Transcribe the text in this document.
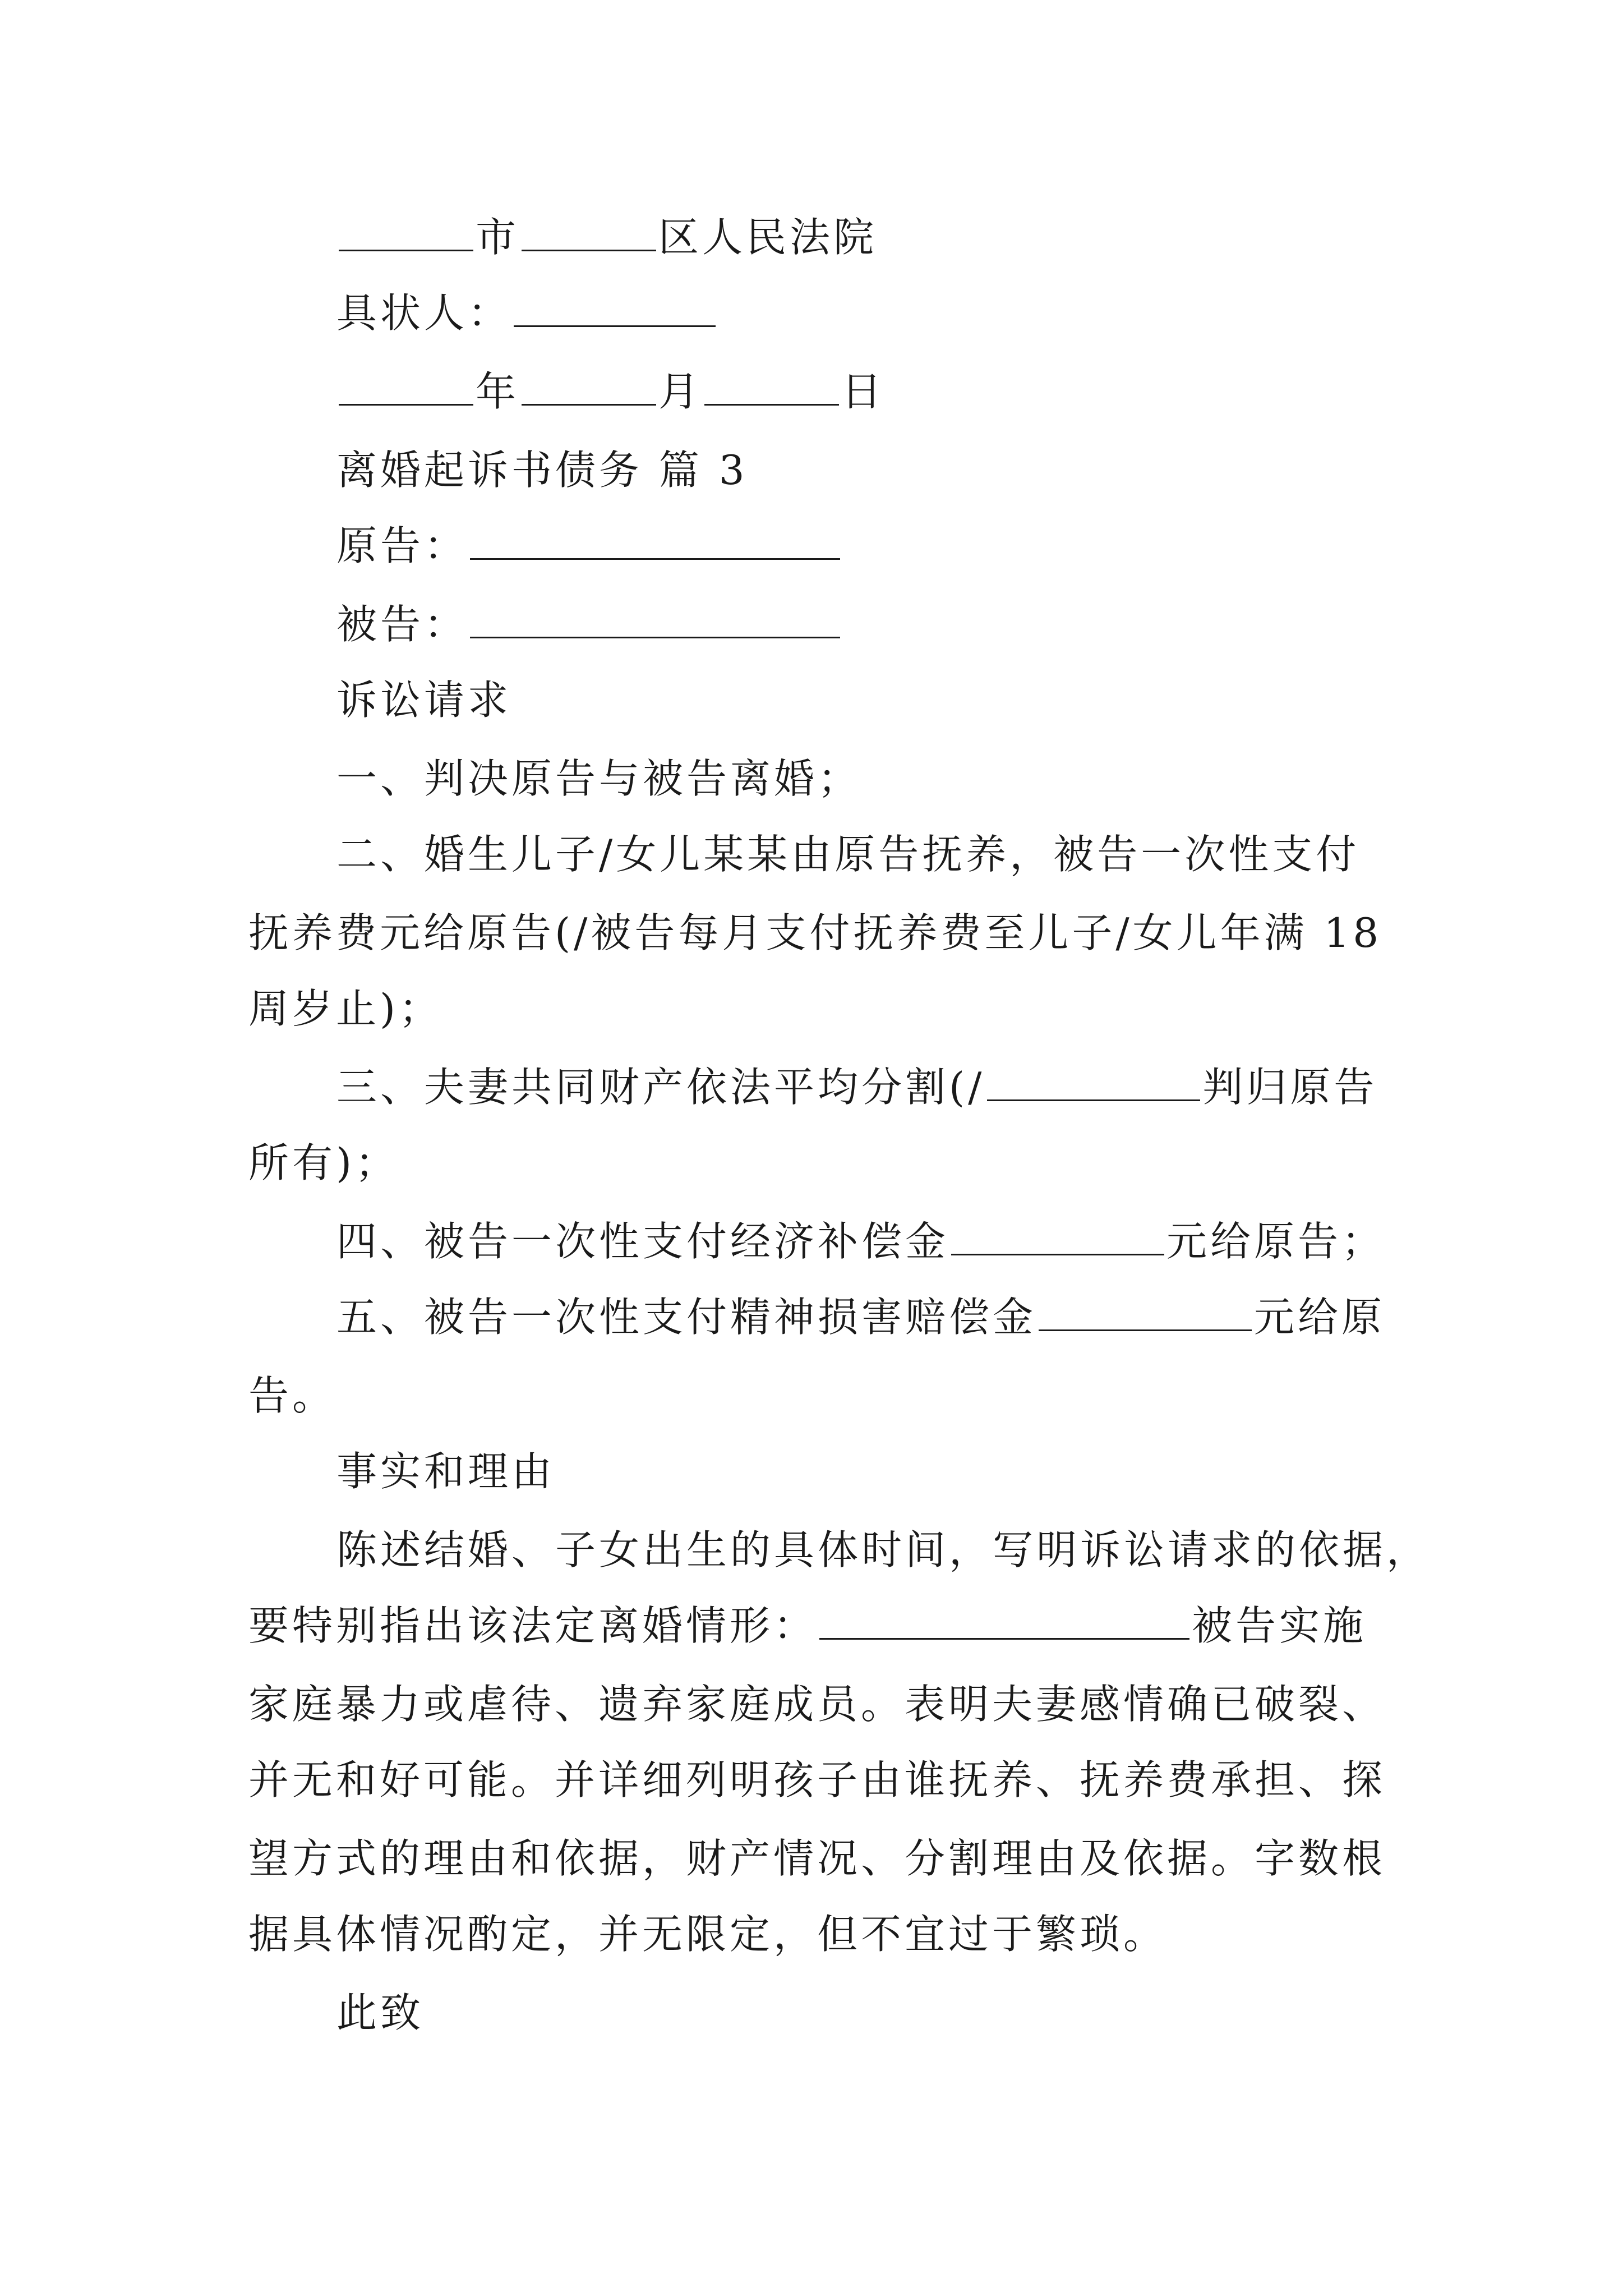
市	区人民法院
具状人：
年	月	日
离婚起诉书债务 篇 3
原告：
被告：
诉讼请求
一、判决原告与被告离婚；
二、婚生儿子/女儿某某由原告抚养，被告一次性支付
抚养费元给原告(/被告每月支付抚养费至儿子/女儿年满 18
周岁止)；
三、夫妻共同财产依法平均分割(/	判归原告
所有)；
四、被告一次性支付经济补偿金	元给原告；
五、被告一次性支付精神损害赔偿金	元给原
告。
事实和理由
陈述结婚、子女出生的具体时间，写明诉讼请求的依据，
要特别指出该法定离婚情形：	被告实施
家庭暴力或虐待、遗弃家庭成员。表明夫妻感情确已破裂、
并无和好可能。并详细列明孩子由谁抚养、抚养费承担、探
望方式的理由和依据，财产情况、分割理由及依据。字数根
据具体情况酌定，并无限定，但不宜过于繁琐。
此致
